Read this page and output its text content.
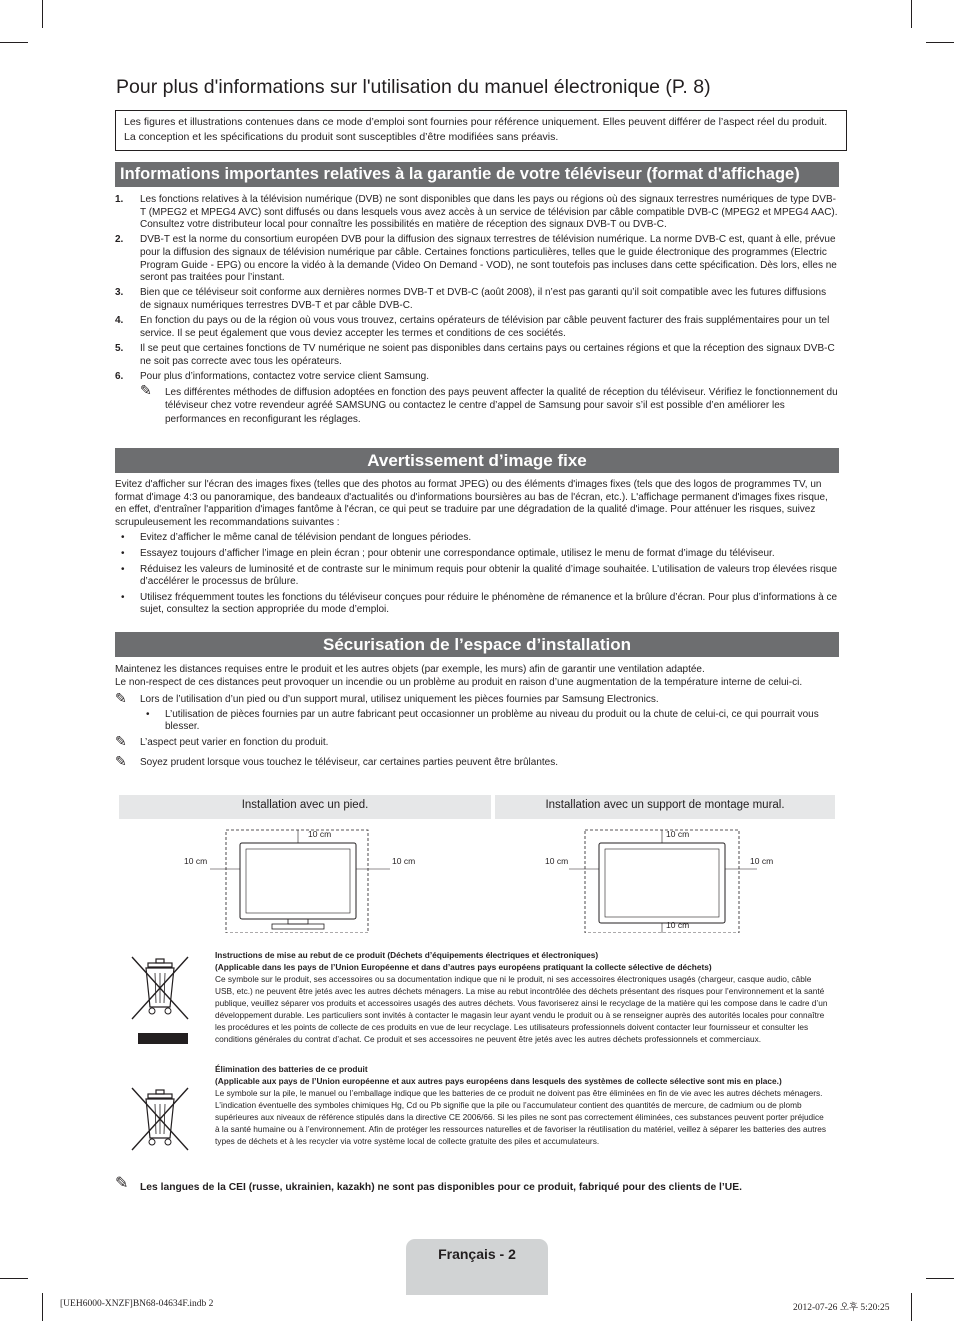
Pour plus d'informations sur l'utilisation du manuel électronique (P. 8)
Les figures et illustrations contenues dans ce mode d’emploi sont fournies pour référence uniquement. Elles peuvent différer de l’aspect réel du produit. La conception et les spécifications du produit sont susceptibles d’être modifiées sans préavis.
Informations importantes relatives à la garantie de votre téléviseur (format d'affichage)
1. Les fonctions relatives à la télévision numérique (DVB) ne sont disponibles que dans les pays ou régions où des signaux terrestres numériques de type DVB-T (MPEG2 et MPEG4 AVC) sont diffusés ou dans lesquels vous avez accès à un service de télévision par câble compatible DVB-C (MPEG2 et MPEG4 AAC). Consultez votre distributeur local pour connaître les possibilités en matière de réception des signaux DVB-T ou DVB-C.
2. DVB-T est la norme du consortium européen DVB pour la diffusion des signaux terrestres de télévision numérique. La norme DVB-C est, quant à elle, prévue pour la diffusion des signaux de télévision numérique par câble. Certaines fonctions particulières, telles que le guide électronique des programmes (Electric Program Guide - EPG) ou encore la vidéo à la demande (Video On Demand - VOD), ne sont toutefois pas incluses dans cette spécification. Dès lors, elles ne seront pas traitées pour l’instant.
3. Bien que ce téléviseur soit conforme aux dernières normes DVB-T et DVB-C (août 2008), il n’est pas garanti qu’il soit compatible avec les futures diffusions de signaux numériques terrestres DVB-T et par câble DVB-C.
4. En fonction du pays ou de la région où vous vous trouvez, certains opérateurs de télévision par câble peuvent facturer des frais supplémentaires pour un tel service. Il se peut également que vous deviez accepter les termes et conditions de ces sociétés.
5. Il se peut que certaines fonctions de TV numérique ne soient pas disponibles dans certains pays ou certaines régions et que la réception des signaux DVB-C ne soit pas correcte avec tous les opérateurs.
6. Pour plus d’informations, contactez votre service client Samsung.
✎ Les différentes méthodes de diffusion adoptées en fonction des pays peuvent affecter la qualité de réception du téléviseur. Vérifiez le fonctionnement du téléviseur chez votre revendeur agréé SAMSUNG ou contactez le centre d’appel de Samsung pour savoir s’il est possible d’en améliorer les performances en reconfigurant les réglages.
Avertissement d’image fixe
Evitez d'afficher sur l'écran des images fixes (telles que des photos au format JPEG) ou des éléments d'images fixes (tels que des logos de programmes TV, un format d'image 4:3 ou panoramique, des bandeaux d'actualités ou d'informations boursières au bas de l'écran, etc.). L'affichage permanent d'images fixes risque, en effet, d'entraîner l'apparition d'images fantôme à l'écran, ce qui peut se traduire par une dégradation de la qualité d'image. Pour atténuer les risques, suivez scrupuleusement les recommandations suivantes :
• Evitez d’afficher le même canal de télévision pendant de longues périodes.
• Essayez toujours d’afficher l’image en plein écran ; pour obtenir une correspondance optimale, utilisez le menu de format d’image du téléviseur.
• Réduisez les valeurs de luminosité et de contraste sur le minimum requis pour obtenir la qualité d’image souhaitée. L’utilisation de valeurs trop élevées risque d’accélérer le processus de brûlure.
• Utilisez fréquemment toutes les fonctions du téléviseur conçues pour réduire le phénomène de rémanence et la brûlure d’écran. Pour plus d’informations à ce sujet, consultez la section appropriée du mode d’emploi.
Sécurisation de l’espace d’installation
Maintenez les distances requises entre le produit et les autres objets (par exemple, les murs) afin de garantir une ventilation adaptée.
Le non-respect de ces distances peut provoquer un incendie ou un problème au produit en raison d’une augmentation de la température interne de celui-ci.
✎ Lors de l’utilisation d’un pied ou d’un support mural, utilisez uniquement les pièces fournies par Samsung Electronics.
• L’utilisation de pièces fournies par un autre fabricant peut occasionner un problème au niveau du produit ou la chute de celui-ci, ce qui pourrait vous blesser.
✎ L’aspect peut varier en fonction du produit.
✎ Soyez prudent lorsque vous touchez le téléviseur, car certaines parties peuvent être brûlantes.
Installation avec un pied.	Installation avec un support de montage mural.
10 cm
10 cm	10 cm
10 cm
10 cm	10 cm
10 cm
Instructions de mise au rebut de ce produit (Déchets d’équipements électriques et électroniques)
(Applicable dans les pays de l’Union Européenne et dans d’autres pays européens pratiquant la collecte sélective de déchets)
Ce symbole sur le produit, ses accessoires ou sa documentation indique que ni le produit, ni ses accessoires électroniques usagés (chargeur, casque audio, câble USB, etc.) ne peuvent être jetés avec les autres déchets ménagers. La mise au rebut incontrôlée des déchets présentant des risques pour l’environnement et la santé publique, veuillez séparer vos produits et accessoires usagés des autres déchets. Vous favoriserez ainsi le recyclage de la matière qui les compose dans le cadre d’un développement durable. Les particuliers sont invités à contacter le magasin leur ayant vendu le produit ou à se renseigner auprès des autorités locales pour connaître les procédures et les points de collecte de ces produits en vue de leur recyclage. Les utilisateurs professionnels doivent contacter leur fournisseur et consulter les conditions générales du contrat d’achat. Ce produit et ses accessoires ne peuvent être jetés avec les autres déchets professionnels et commerciaux.
Élimination des batteries de ce produit
(Applicable aux pays de l’Union européenne et aux autres pays européens dans lesquels des systèmes de collecte sélective sont mis en place.)
Le symbole sur la pile, le manuel ou l’emballage indique que les batteries de ce produit ne doivent pas être éliminées en fin de vie avec les autres déchets ménagers. L’indication éventuelle des symboles chimiques Hg, Cd ou Pb signifie que la pile ou l’accumulateur contient des quantités de mercure, de cadmium ou de plomb supérieures aux niveaux de référence stipulés dans la directive CE 2006/66. Si les piles ne sont pas correctement éliminées, ces substances peuvent porter préjudice à la santé humaine ou à l’environnement. Afin de protéger les ressources naturelles et de favoriser la réutilisation du matériel, veillez à séparer les batteries des autres types de déchets et à les recycler via votre système local de collecte gratuite des piles et accumulateurs.
✎ Les langues de la CEI (russe, ukrainien, kazakh) ne sont pas disponibles pour ce produit, fabriqué pour des clients de l’UE.
Français - 2
[UEH6000-XNZF]BN68-04634F.indb 2	2012-07-26 오후 5:20:25
